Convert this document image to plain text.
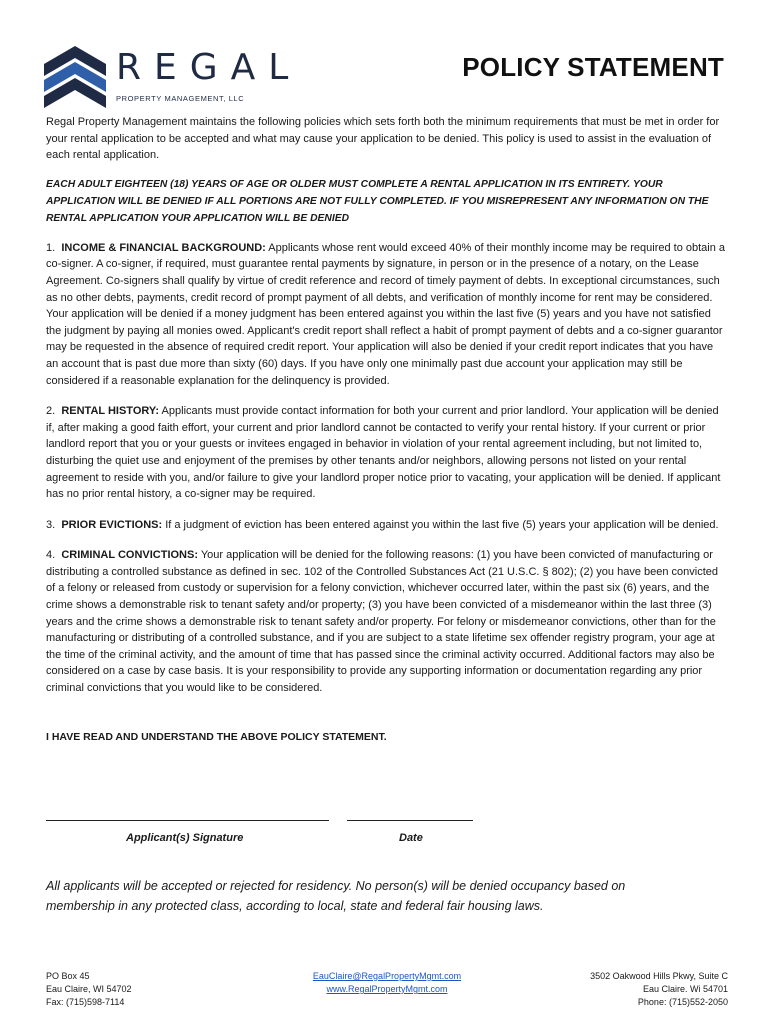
REGAL
PROPERTY MANAGEMENT, LLC
POLICY STATEMENT

Regal Property Management maintains the following policies which sets forth both the minimum requirements that must be met in order for your rental application to be accepted and what may cause your application to be denied. This policy is used to assist in the evaluation of each rental application.

EACH ADULT EIGHTEEN (18) YEARS OF AGE OR OLDER MUST COMPLETE A RENTAL APPLICATION IN ITS ENTIRETY. YOUR APPLICATION WILL BE DENIED IF ALL PORTIONS ARE NOT FULLY COMPLETED. IF YOU MISREPRESENT ANY INFORMATION ON THE RENTAL APPLICATION YOUR APPLICATION WILL BE DENIED

1. INCOME & FINANCIAL BACKGROUND: Applicants whose rent would exceed 40% of their monthly income may be required to obtain a co-signer. A co-signer, if required, must guarantee rental payments by signature, in person or in the presence of a notary, on the Lease Agreement. Co-signers shall qualify by virtue of credit reference and record of timely payment of debts. In exceptional circumstances, such as no other debts, payments, credit record of prompt payment of all debts, and verification of monthly income for rent may be considered. Your application will be denied if a money judgment has been entered against you within the last five (5) years and you have not satisfied the judgment by paying all monies owed. Applicant's credit report shall reflect a habit of prompt payment of debts and a co-signer guarantor may be requested in the absence of required credit report. Your application will also be denied if your credit report indicates that you have an account that is past due more than sixty (60) days. If you have only one minimally past due account your application may still be considered if a reasonable explanation for the delinquency is provided.

2. RENTAL HISTORY: Applicants must provide contact information for both your current and prior landlord. Your application will be denied if, after making a good faith effort, your current and prior landlord cannot be contacted to verify your rental history. If your current or prior landlord report that you or your guests or invitees engaged in behavior in violation of your rental agreement including, but not limited to, disturbing the quiet use and enjoyment of the premises by other tenants and/or neighbors, allowing persons not listed on your rental agreement to reside with you, and/or failure to give your landlord proper notice prior to vacating, your application will be denied. If applicant has no prior rental history, a co-signer may be required.

3. PRIOR EVICTIONS: If a judgment of eviction has been entered against you within the last five (5) years your application will be denied.

4. CRIMINAL CONVICTIONS: Your application will be denied for the following reasons: (1) you have been convicted of manufacturing or distributing a controlled substance as defined in sec. 102 of the Controlled Substances Act (21 U.S.C. § 802); (2) you have been convicted of a felony or released from custody or supervision for a felony conviction, whichever occurred later, within the past six (6) years, and the crime shows a demonstrable risk to tenant safety and/or property; (3) you have been convicted of a misdemeanor within the last three (3) years and the crime shows a demonstrable risk to tenant safety and/or property. For felony or misdemeanor convictions, other than for the manufacturing or distributing of a controlled substance, and if you are subject to a state lifetime sex offender registry program, your age at the time of the criminal activity, and the amount of time that has passed since the criminal activity occurred. Additional factors may also be considered on a case by case basis. It is your responsibility to provide any supporting information or documentation regarding any prior criminal convictions that you would like to be considered.

I HAVE READ AND UNDERSTAND THE ABOVE POLICY STATEMENT.

Applicant(s) Signature	Date

All applicants will be accepted or rejected for residency. No person(s) will be denied occupancy based on membership in any protected class, according to local, state and federal fair housing laws.

PO Box 45
Eau Claire, WI 54702
Fax: (715)598-7114
EauClaire@RegalPropertyMgmt.com
www.RegalPropertyMgmt.com
3502 Oakwood Hills Pkwy, Suite C
Eau Claire. Wi 54701
Phone: (715)552-2050
